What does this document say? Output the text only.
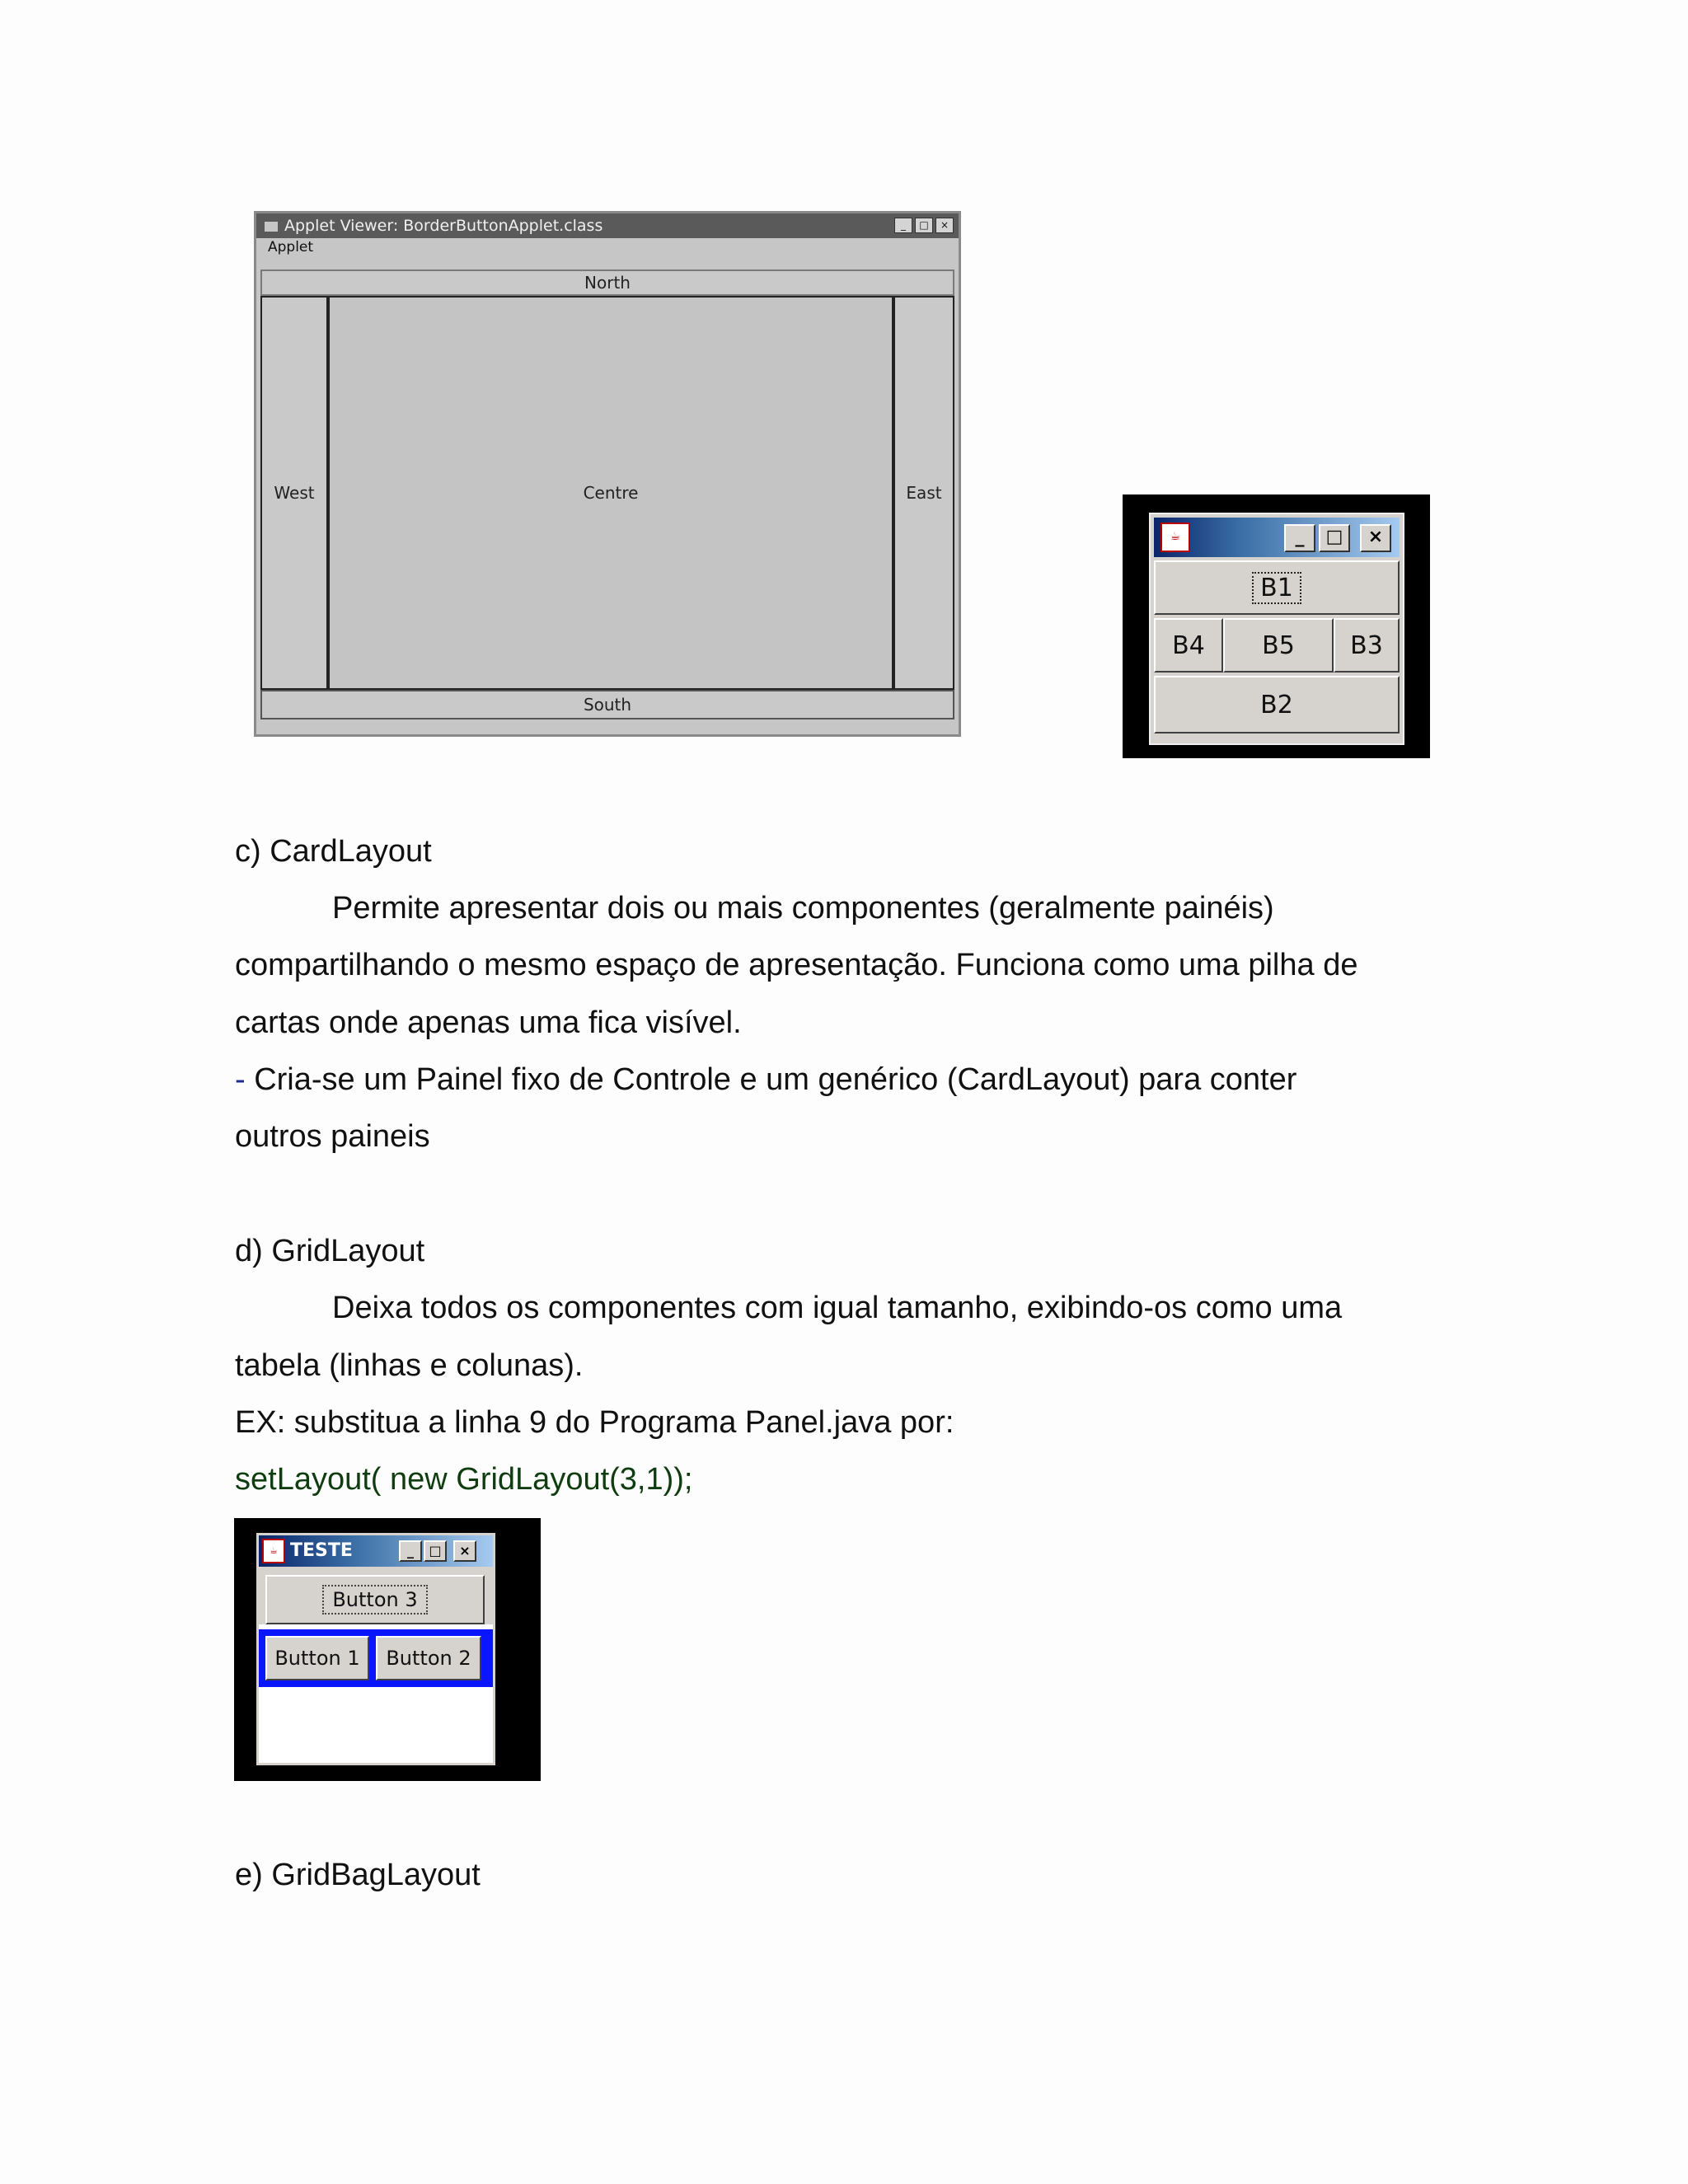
Applet Viewer: BorderButtonApplet.class	_	□	×
Applet
North
West	Centre	East
South
☕	_	□	×
B1
B4	B5	B3
B2
c) CardLayout
Permite apresentar dois ou mais componentes (geralmente painéis)
compartilhando o mesmo espaço de apresentação. Funciona como uma pilha de
cartas onde apenas uma fica visível.
- Cria-se um Painel fixo de Controle e um genérico (CardLayout) para conter
outros paineis
d) GridLayout
Deixa todos os componentes com igual tamanho, exibindo-os como uma
tabela (linhas e colunas).
EX: substitua a linha 9 do Programa Panel.java por:
setLayout( new GridLayout(3,1));
☕ TESTE	_	□	×
Button 3
Button 1	Button 2
e) GridBagLayout
